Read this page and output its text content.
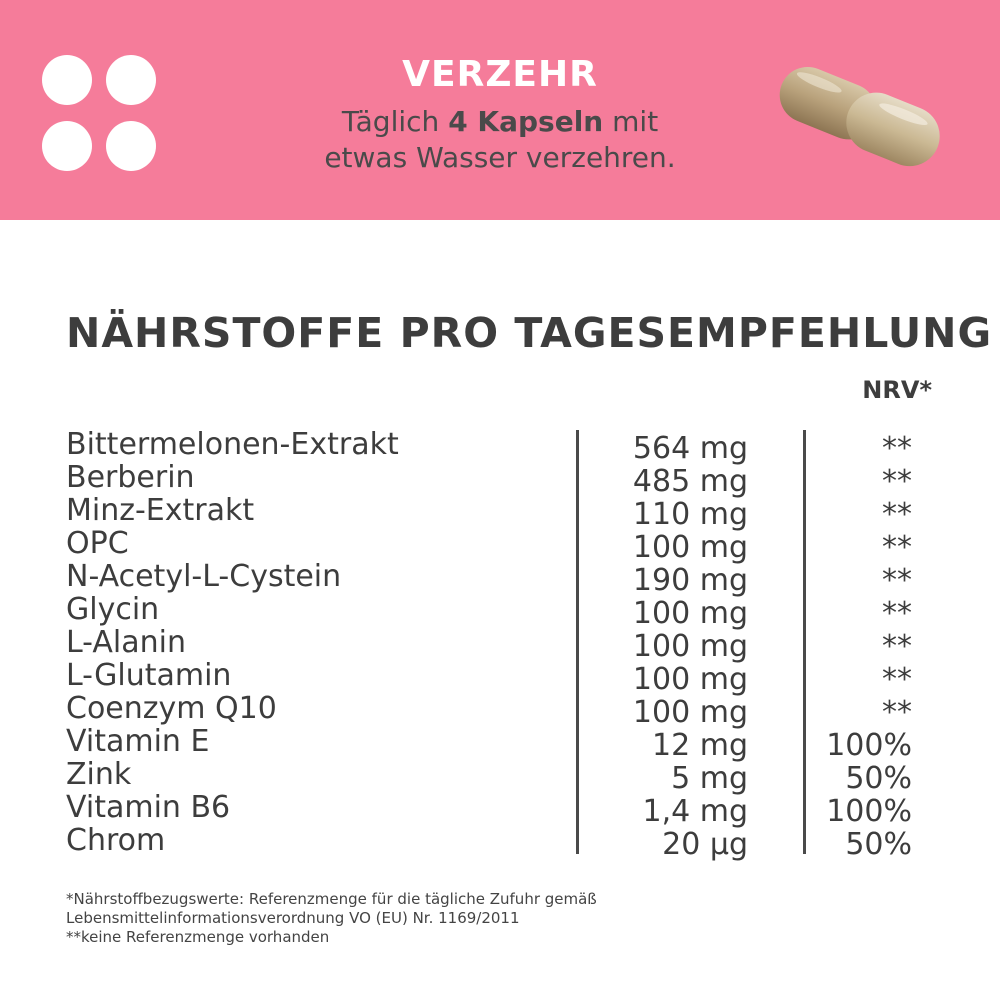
VERZEHR
Täglich 4 Kapseln mit
etwas Wasser verzehren.
NÄHRSTOFFE PRO TAGESEMPFEHLUNG
NRV*
Bittermelonen-Extrakt	564 mg	**
Berberin	485 mg	**
Minz-Extrakt	110 mg	**
OPC	100 mg	**
N-Acetyl-L-Cystein	190 mg	**
Glycin	100 mg	**
L-Alanin	100 mg	**
L-Glutamin	100 mg	**
Coenzym Q10	100 mg	**
Vitamin E	12 mg	100%
Zink	5 mg	50%
Vitamin B6	1,4 mg	100%
Chrom	20 µg	50%
*Nährstoffbezugswerte: Referenzmenge für die tägliche Zufuhr gemäß
Lebensmittelinformationsverordnung VO (EU) Nr. 1169/2011
**keine Referenzmenge vorhanden
